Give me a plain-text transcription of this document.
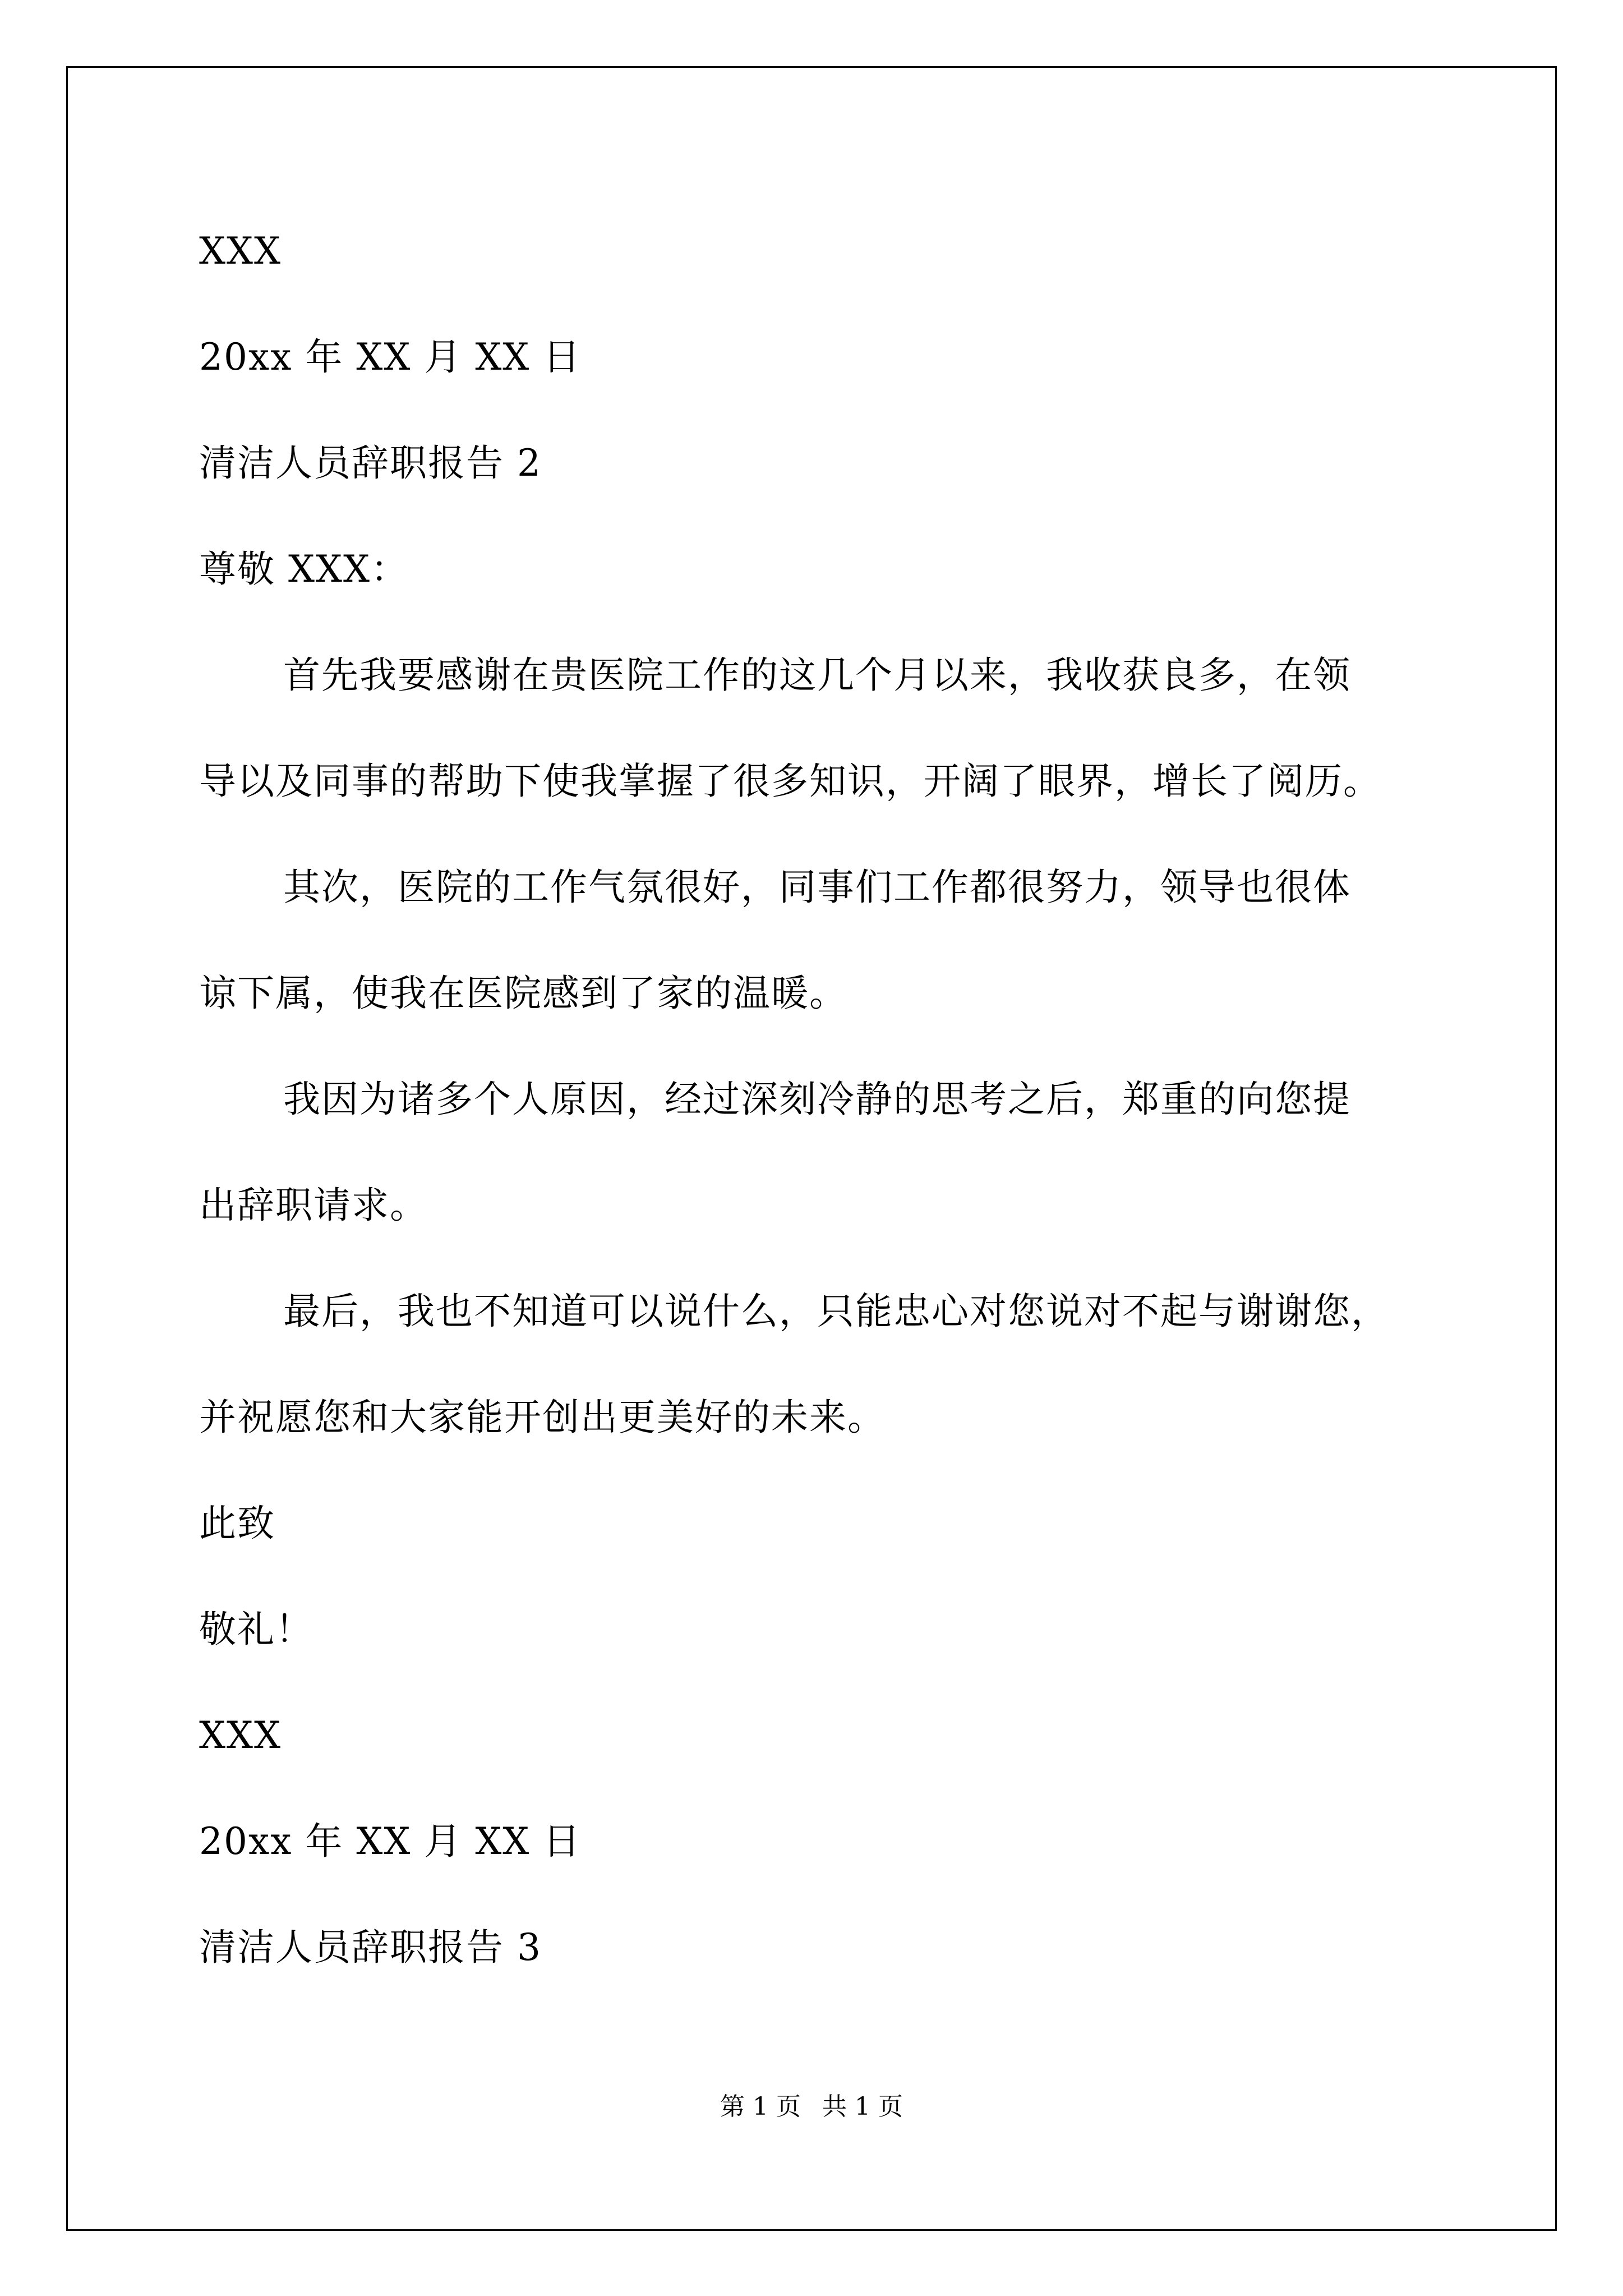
XXX
20xx 年 XX 月 XX 日
清洁人员辞职报告 2
尊敬 XXX：
首先我要感谢在贵医院工作的这几个月以来，我收获良多，在领
导以及同事的帮助下使我掌握了很多知识，开阔了眼界，增长了阅历。
其次，医院的工作气氛很好，同事们工作都很努力，领导也很体
谅下属，使我在医院感到了家的温暖。
我因为诸多个人原因，经过深刻冷静的思考之后，郑重的向您提
出辞职请求。
最后，我也不知道可以说什么，只能忠心对您说对不起与谢谢您，
并祝愿您和大家能开创出更美好的未来。
此致
敬礼！
XXX
20xx 年 XX 月 XX 日
清洁人员辞职报告 3
第 1 页 共 1 页
